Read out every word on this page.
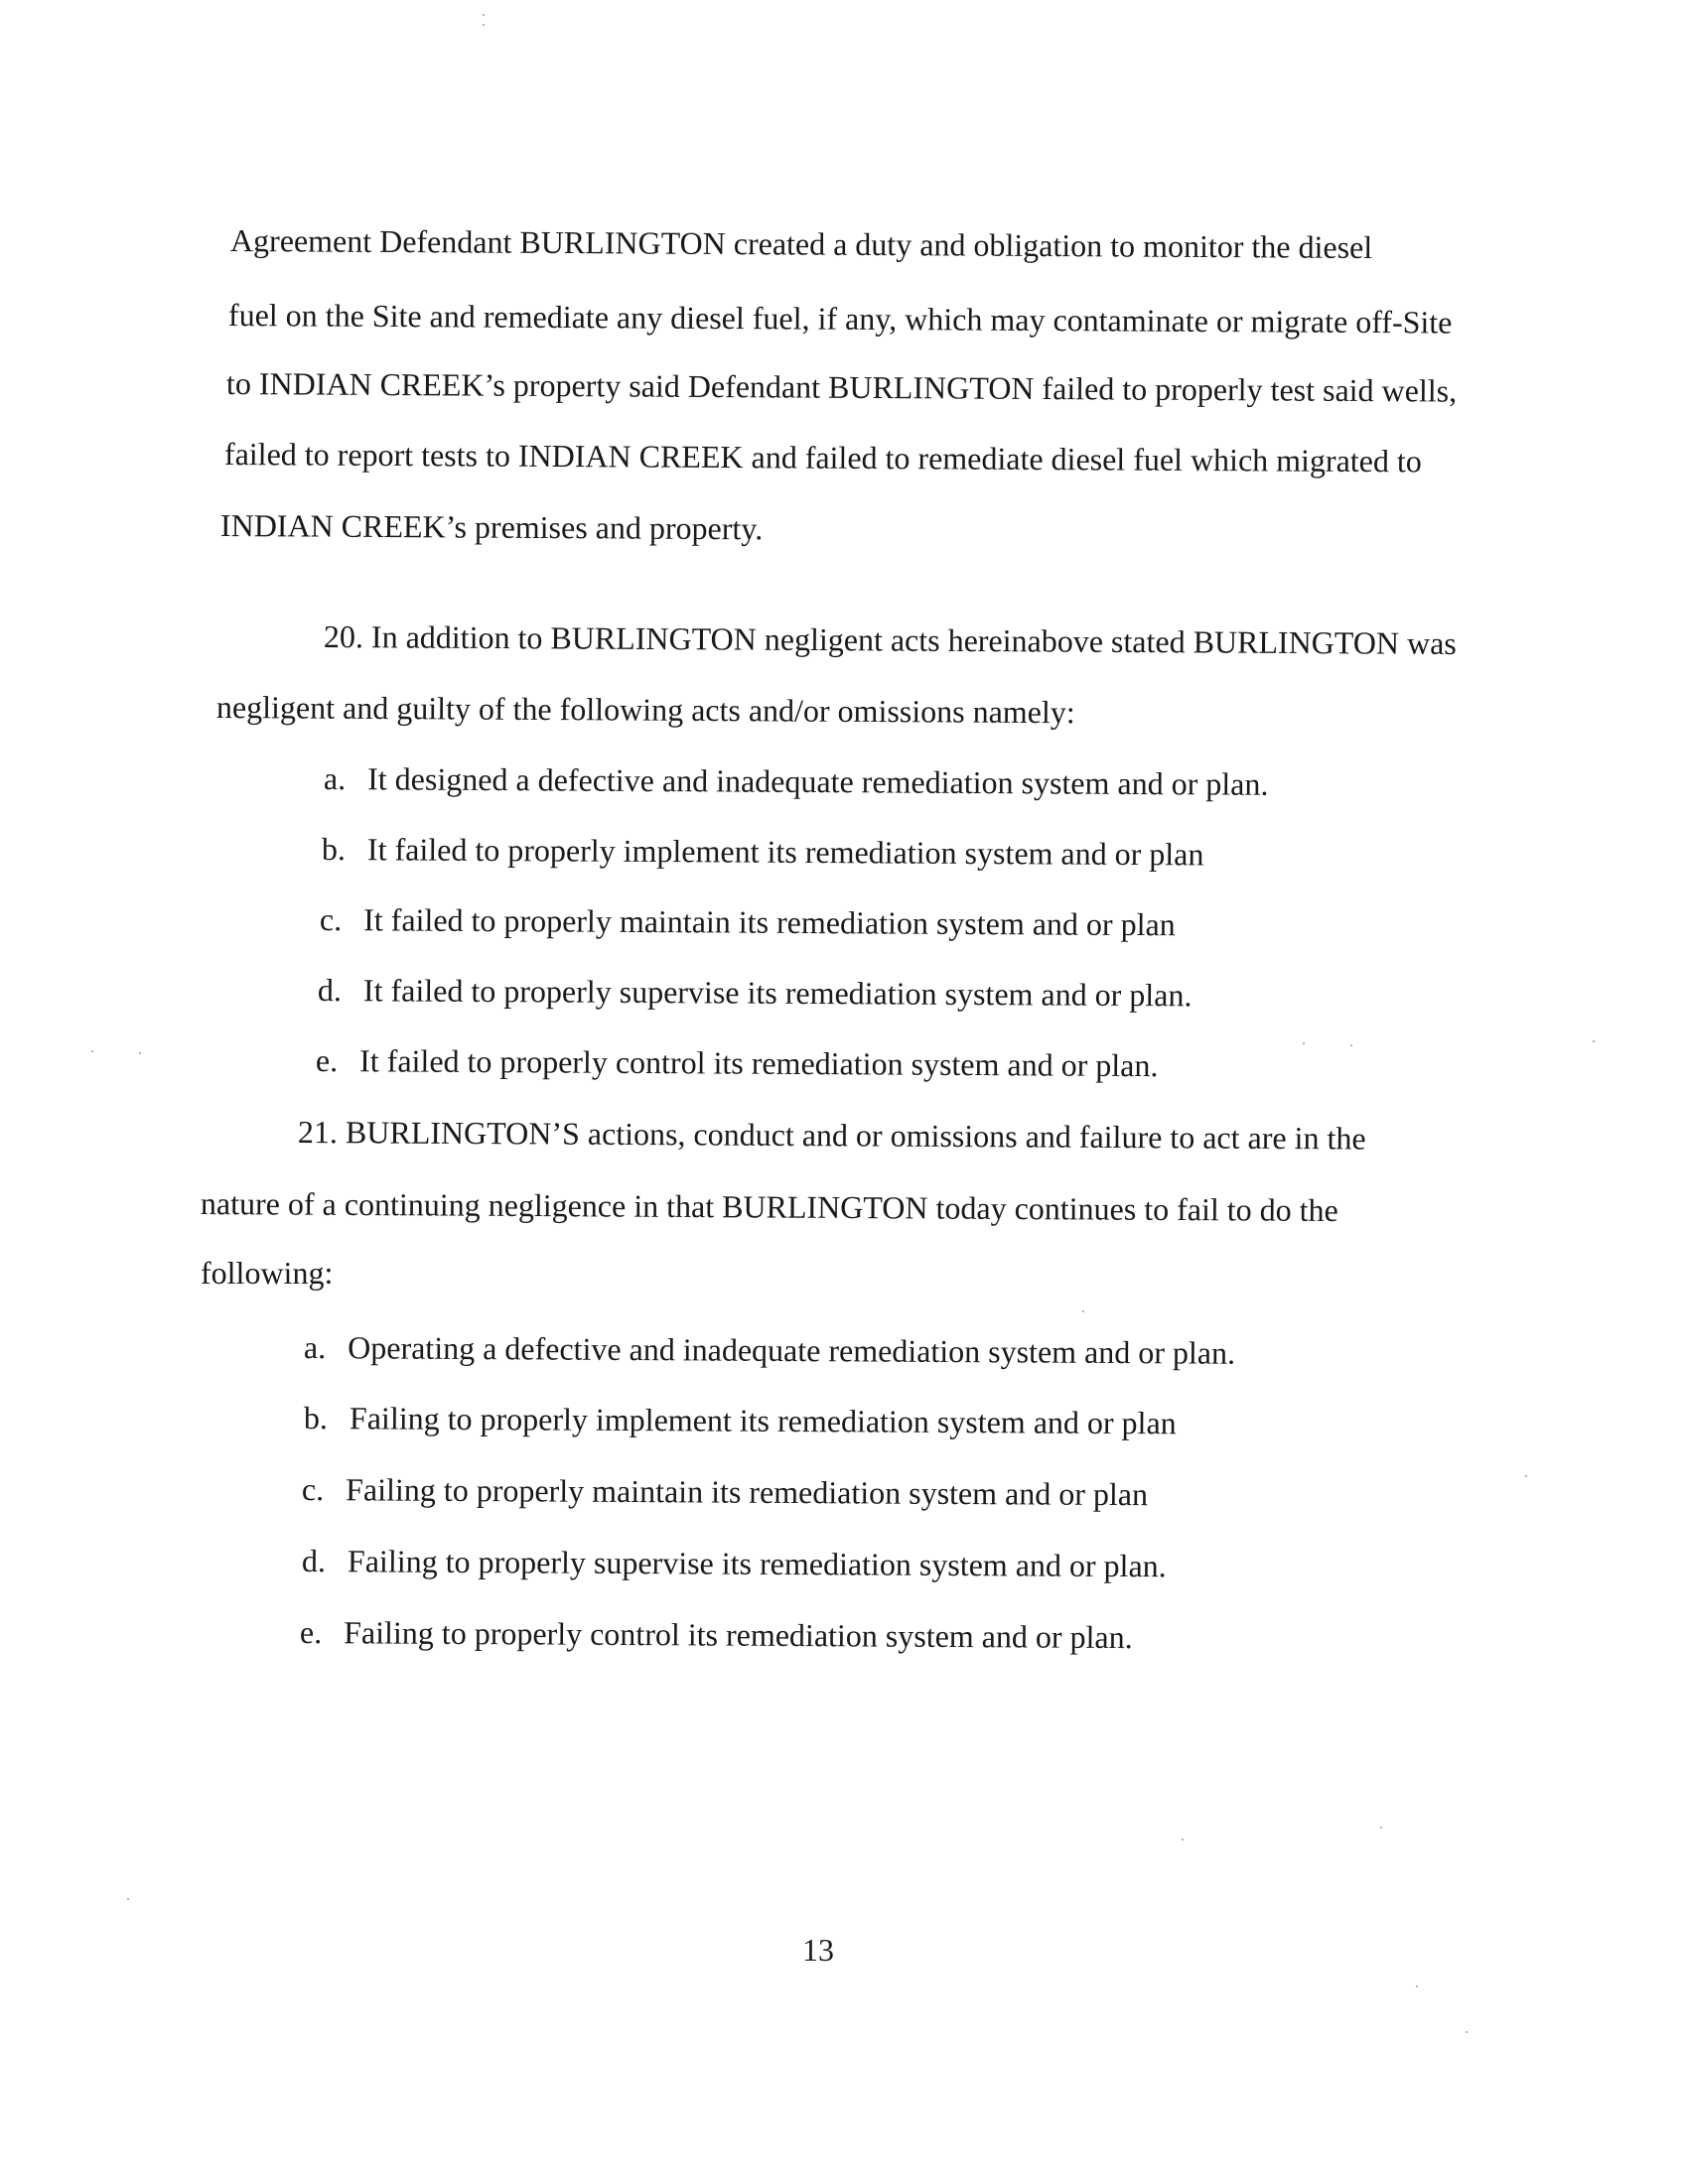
Agreement Defendant BURLINGTON created a duty and obligation to monitor the diesel
fuel on the Site and remediate any diesel fuel, if any, which may contaminate or migrate off-Site
to INDIAN CREEK’s property said Defendant BURLINGTON failed to properly test said wells,
failed to report tests to INDIAN CREEK and failed to remediate diesel fuel which migrated to
INDIAN CREEK’s premises and property.
20. In addition to BURLINGTON negligent acts hereinabove stated BURLINGTON was
negligent and guilty of the following acts and/or omissions namely:
a. It designed a defective and inadequate remediation system and or plan.
b. It failed to properly implement its remediation system and or plan
c. It failed to properly maintain its remediation system and or plan
d. It failed to properly supervise its remediation system and or plan.
e. It failed to properly control its remediation system and or plan.
21. BURLINGTON’S actions, conduct and or omissions and failure to act are in the
nature of a continuing negligence in that BURLINGTON today continues to fail to do the
following:
a. Operating a defective and inadequate remediation system and or plan.
b. Failing to properly implement its remediation system and or plan
c. Failing to properly maintain its remediation system and or plan
d. Failing to properly supervise its remediation system and or plan.
e. Failing to properly control its remediation system and or plan.
13
